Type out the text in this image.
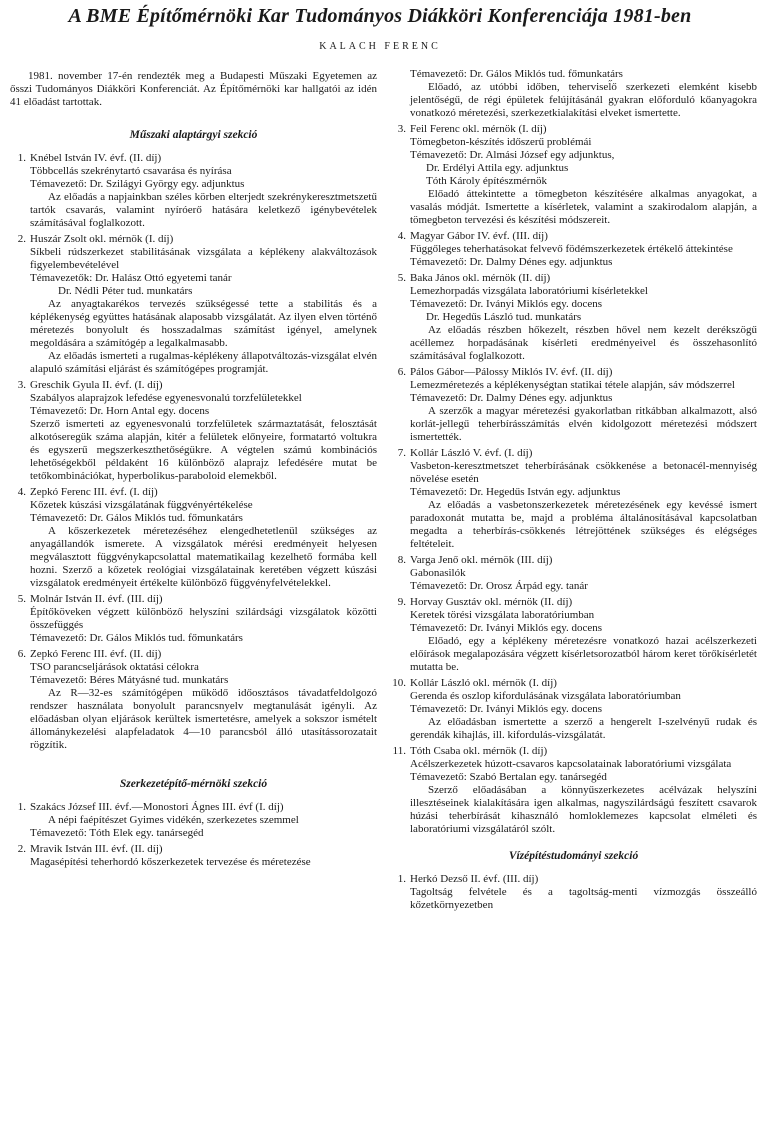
A BME Építőmérnöki Kar Tudományos Diákköri Konferenciája 1981-ben
KALACH FERENC

1981. november 17-én rendezték meg a Budapesti Műszaki Egyetemen az ősszi Tudományos Diákköri Konferenciát. Az Építőmérnöki kar hallgatói az idén 41 előadást tartottak.

Műszaki alaptárgyi szekció
1. Knébel István IV. évf. (II. díj)

Többcellás szekrénytartó csavarása és nyírása

Témavezető: Dr. Szilágyi György egy. adjunktus

Az előadás a napjainkban széles körben elterjedt szekrénykeresztmetszetű tartók csavarás, valamint nyíróerő hatására keletkező igénybevételek számításával foglalkozott.

2. Huszár Zsolt okl. mérnök (I. díj)

Síkbeli rúdszerkezet stabilitásának vizsgálata a képlékeny alakváltozások figyelembevételével

Témavezetők: Dr. Halász Ottó egyetemi tanár

Dr. Nédli Péter tud. munkatárs

Az anyagtakarékos tervezés szükségessé tette a stabilitás és a képlékenység együttes hatásának alaposabb vizsgálatát. Az ilyen elven történő méretezés bonyolult és hosszadalmas számítást igényel, amelynek megoldására a számítógép a legalkalmasabb.

Az előadás ismerteti a rugalmas-képlékeny állapotváltozás-vizsgálat elvén alapuló számítási eljárást és számítógépes programját.

3. Greschik Gyula II. évf. (I. díj)

Szabályos alaprajzok lefedése egyenesvonalú torzfelületekkel

Témavezető: Dr. Horn Antal egy. docens

Szerző ismerteti az egyenesvonalú torzfelületek származtatását, felosztását alkotóseregük száma alapján, kitér a felületek előnyeire, formatartó voltukra és egyszerű megszerkeszthetőségükre. A végtelen számú kombinációs lehetőségekből példaként 16 különböző alaprajz lefedésére mutat be tetőkombinációkat, hyperbolikus-paraboloid elemekből.

4. Zepkó Ferenc III. évf. (I. díj)

Kőzetek kúszási vizsgálatának függvényértékelése

Témavezető: Dr. Gálos Miklós tud. főmunkatárs

A kőszerkezetek méretezéséhez elengedhetetlenül szükséges az anyagállandók ismerete. A vizsgálatok mérési eredményeit helyesen megválasztott függvénykapcsolattal matematikailag kezelhető formába kell hozni. Szerző a kőzetek reológiai vizsgálatainak keretében végzett kúszási vizsgálatok eredményeit értékelte különböző függvényfelvételekkel.

5. Molnár István II. évf. (III. díj)

Építőköveken végzett különböző helyszíni szilárdsági vizsgálatok közötti összefüggés

Témavezető: Dr. Gálos Miklós tud. főmunkatárs

6. Zepkó Ferenc III. évf. (II. díj)

TSO parancseljárások oktatási célokra

Témavezető: Béres Mátyásné tud. munkatárs

Az R—32-es számítógépen működő időosztásos távadatfeldolgozó rendszer használata bonyolult parancsnyelv megtanulását igényli. Az előadásban olyan eljárások kerültek ismertetésre, amelyek a sokszor ismételt állománykezelési alapfeladatok 4—10 parancsból álló utasítássorozatait rögzítik.

Szerkezetépítő-mérnöki szekció
1. Szakács József III. évf.—Monostori Ágnes III. évf (I. díj)

A népi faépítészet Gyimes vidékén, szerkezetes szemmel

Témavezető: Tóth Elek egy. tanársegéd

2. Mravik István III. évf. (II. díj)

Magasépítési teherhordó kőszerkezetek tervezése és méretezése

Témavezető: Dr. Gálos Miklós tud. főmunkatárs

Előadó, az utóbbi időben, tehervisel̋ő szerkezeti elemként kisebb jelentőségű, de régi épületek felújításánál gyakran előforduló kőanyagokra vonatkozó méretezési, szerkezetkialakítási elveket ismertette.

3. Feil Ferenc okl. mérnök (I. díj)

Tömegbeton-készítés időszerű problémái

Témavezető: Dr. Almási József egy adjunktus,

Dr. Erdélyi Attila egy. adjunktus

Tóth Károly építészmérnök

Előadó áttekintette a tömegbeton készítésére alkalmas anyagokat, a vasalás módját. Ismertette a kísérletek, valamint a szakirodalom alapján, a tömegbeton tervezési és készítési módszereit.

4. Magyar Gábor IV. évf. (III. díj)

Függőleges teherhatásokat felvevő födémszerkezetek értékelő áttekintése

Témavezető: Dr. Dalmy Dénes egy. adjunktus

5. Baka János okl. mérnök (II. díj)

Lemezhorpadás vizsgálata laboratóriumi kísérletekkel

Témavezető: Dr. Iványi Miklós egy. docens

Dr. Hegedűs László tud. munkatárs

Az előadás részben hőkezelt, részben hővel nem kezelt derékszögű acéllemez horpadásának kísérleti eredményeivel és összehasonlító számításával foglalkozott.

6. Pálos Gábor—Pálossy Miklós IV. évf. (II. díj)

Lemezméretezés a képlékenységtan statikai tétele alapján, sáv módszerrel

Témavezető: Dr. Dalmy Dénes egy. adjunktus

A szerzők a magyar méretezési gyakorlatban ritkábban alkalmazott, alsó korlát-jellegű teherbírásszámítás elvén kidolgozott méretezési módszert ismertették.

7. Kollár László V. évf. (I. díj)

Vasbeton-keresztmetszet teherbírásának csökkenése a betonacél-mennyiség növelése esetén

Témavezető: Dr. Hegedűs István egy. adjunktus

Az előadás a vasbetonszerkezetek méretezésének egy kevéssé ismert paradoxonát mutatta be, majd a probléma általánosításával kapcsolatban megadta a teherbírás-csökkenés létrejöttének szükséges és elégséges feltételeit.

8. Varga Jenő okl. mérnök (III. díj)

Gabonasilók

Témavezető: Dr. Orosz Árpád egy. tanár

9. Horvay Gusztáv okl. mérnök (II. díj)

Keretek törési vizsgálata laboratóriumban

Témavezető: Dr. Iványi Miklós egy. docens

Előadó, egy a képlékeny méretezésre vonatkozó hazai acélszerkezeti előírások megalapozására végzett kísérletsorozatból három keret törőkísérletét mutatta be.

10. Kollár László okl. mérnök (I. díj)

Gerenda és oszlop kifordulásának vizsgálata laboratóriumban

Témavezető: Dr. Iványi Miklós egy. docens

Az előadásban ismertette a szerző a hengerelt I-szelvényű rudak és gerendák kihajlás, ill. kifordulás-vizsgálatát.

11. Tóth Csaba okl. mérnök (I. díj)

Acélszerkezetek húzott-csavaros kapcsolatainak laboratóriumi vizsgálata

Témavezető: Szabó Bertalan egy. tanársegéd

Szerző előadásában a könnyűszerkezetes acélvázak helyszíni illesztéseinek kialakítására igen alkalmas, nagyszilárdságú feszített csavarok húzási teherbírását kihasználó homloklemezes kapcsolat elméleti és laboratóriumi vizsgálatáról szólt.

Vízépítéstudományi szekció
1. Herkó Dezső II. évf. (III. díj)

Tagoltság felvétele és a tagoltság-menti vízmozgás összeálló kőzetkörnyezetben
